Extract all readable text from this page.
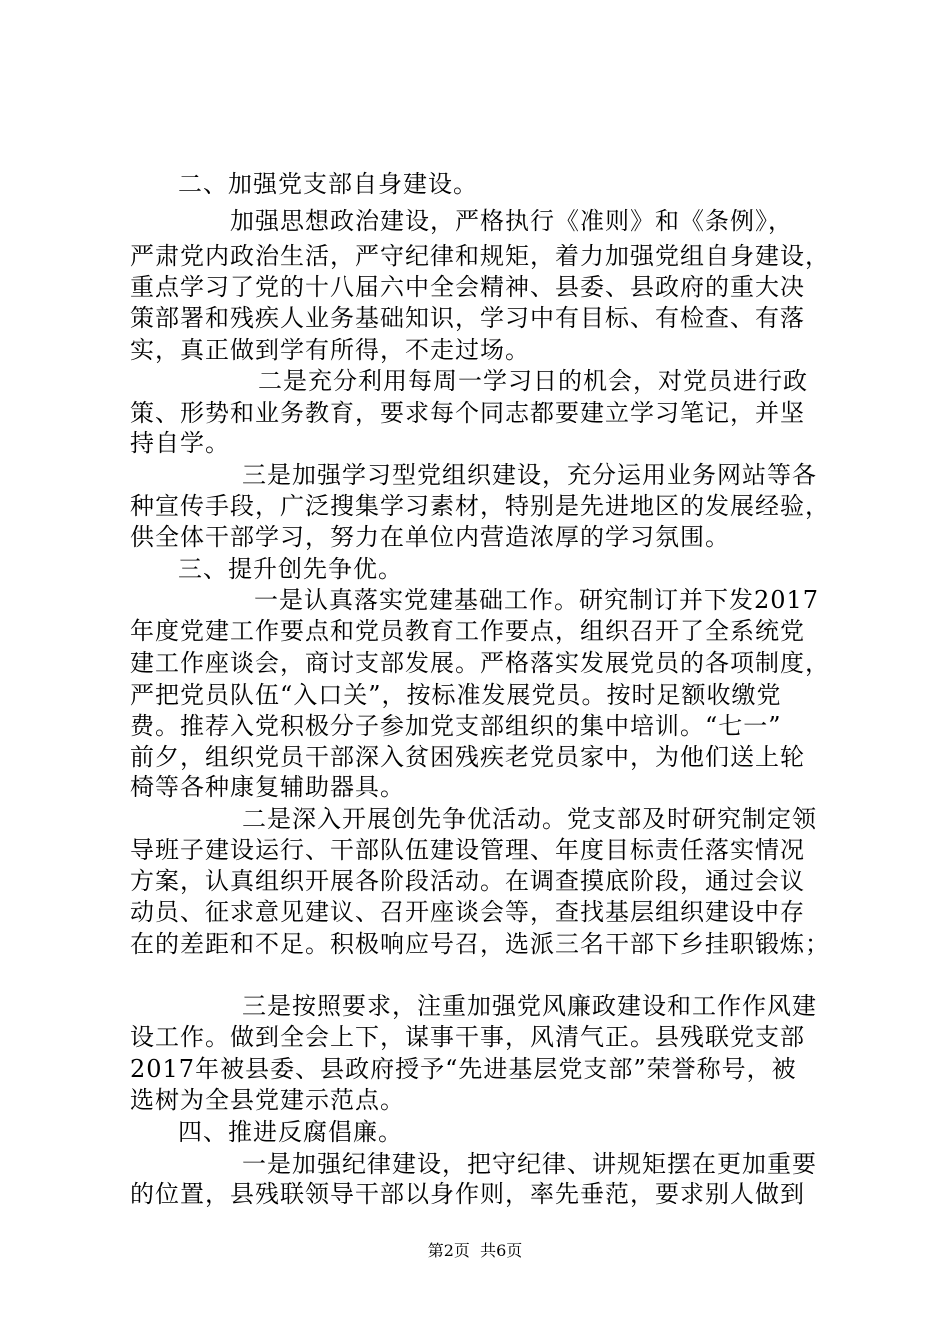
二、加强党支部自身建设。
加强思想政治建设，严格执行《准则》和《条例》，
严肃党内政治生活，严守纪律和规矩，着力加强党组自身建设，
重点学习了党的十八届六中全会精神、县委、县政府的重大决
策部署和残疾人业务基础知识，学习中有目标、有检查、有落
实，真正做到学有所得，不走过场。
二是充分利用每周一学习日的机会，对党员进行政
策、形势和业务教育，要求每个同志都要建立学习笔记，并坚
持自学。
三是加强学习型党组织建设，充分运用业务网站等各
种宣传手段，广泛搜集学习素材，特别是先进地区的发展经验，
供全体干部学习，努力在单位内营造浓厚的学习氛围。
三、提升创先争优。
一是认真落实党建基础工作。研究制订并下发2017
年度党建工作要点和党员教育工作要点，组织召开了全系统党
建工作座谈会，商讨支部发展。严格落实发展党员的各项制度，
严把党员队伍“入口关”，按标准发展党员。按时足额收缴党
费。推荐入党积极分子参加党支部组织的集中培训。“七一”
前夕，组织党员干部深入贫困残疾老党员家中，为他们送上轮
椅等各种康复辅助器具。
二是深入开展创先争优活动。党支部及时研究制定领
导班子建设运行、干部队伍建设管理、年度目标责任落实情况
方案，认真组织开展各阶段活动。在调查摸底阶段，通过会议
动员、征求意见建议、召开座谈会等，查找基层组织建设中存
在的差距和不足。积极响应号召，选派三名干部下乡挂职锻炼；
三是按照要求，注重加强党风廉政建设和工作作风建
设工作。做到全会上下，谋事干事，风清气正。县残联党支部
2017年被县委、县政府授予“先进基层党支部”荣誉称号，被
选树为全县党建示范点。
四、推进反腐倡廉。
一是加强纪律建设，把守纪律、讲规矩摆在更加重要
的位置，县残联领导干部以身作则，率先垂范，要求别人做到
第2页  共6页
